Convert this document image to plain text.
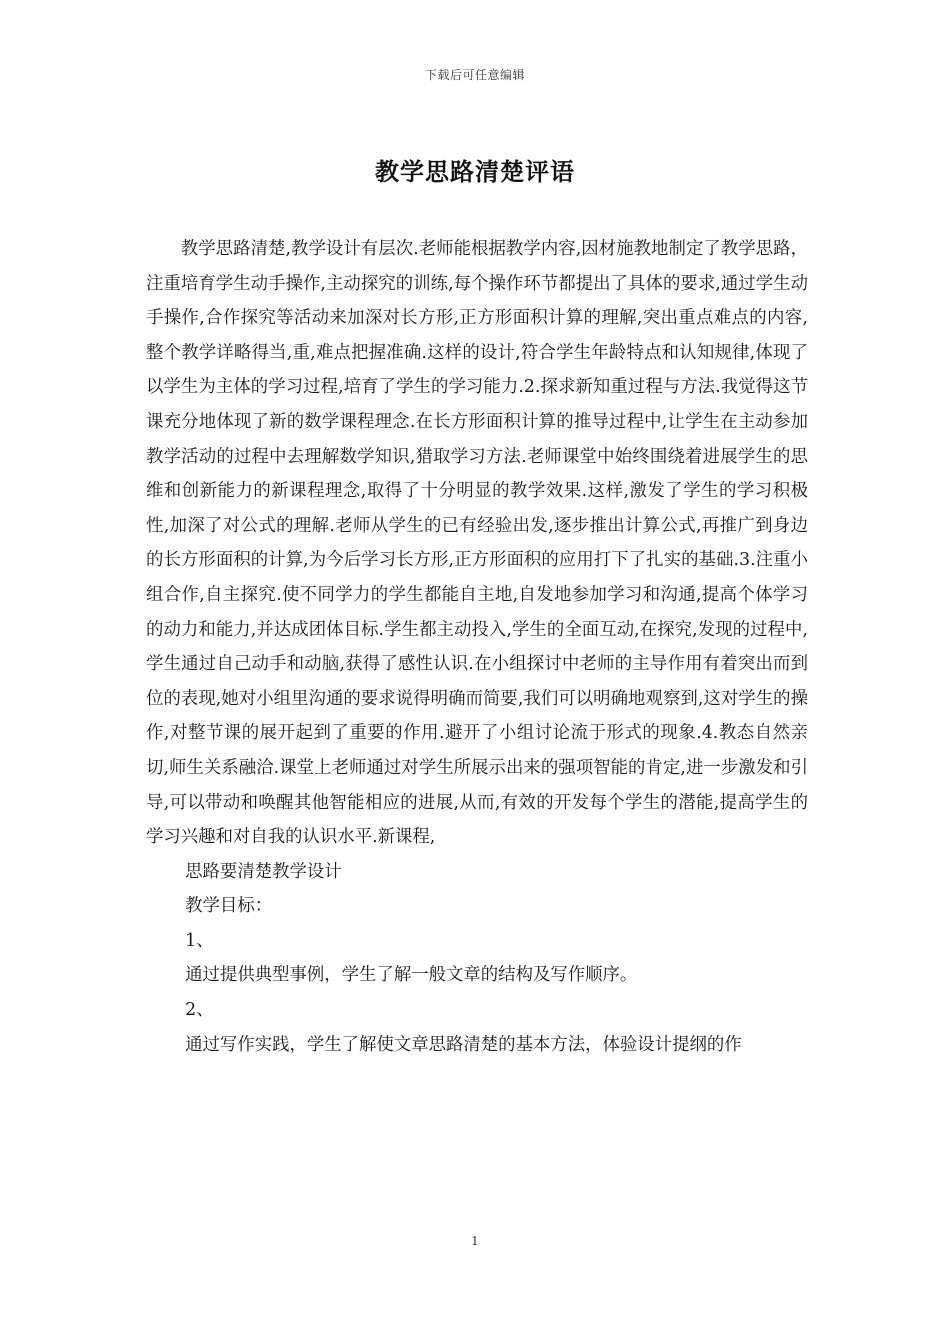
下载后可任意编辑
教学思路清楚评语

教学思路清楚,教学设计有层次.老师能根据教学内容,因材施教地制定了教学思路，注重培育学生动手操作,主动探究的训练,每个操作环节都提出了具体的要求,通过学生动手操作,合作探究等活动来加深对长方形,正方形面积计算的理解,突出重点难点的内容,整个教学详略得当,重,难点把握准确.这样的设计,符合学生年龄特点和认知规律,体现了以学生为主体的学习过程,培育了学生的学习能力.2.探求新知重过程与方法.我觉得这节课充分地体现了新的数学课程理念.在长方形面积计算的推导过程中,让学生在主动参加教学活动的过程中去理解数学知识,猎取学习方法.老师课堂中始终围绕着进展学生的思维和创新能力的新课程理念,取得了十分明显的教学效果.这样,激发了学生的学习积极性,加深了对公式的理解.老师从学生的已有经验出发,逐步推出计算公式,再推广到身边的长方形面积的计算,为今后学习长方形,正方形面积的应用打下了扎实的基础.3.注重小组合作,自主探究.使不同学力的学生都能自主地,自发地参加学习和沟通,提高个体学习的动力和能力,并达成团体目标.学生都主动投入,学生的全面互动,在探究,发现的过程中,学生通过自己动手和动脑,获得了感性认识.在小组探讨中老师的主导作用有着突出而到位的表现,她对小组里沟通的要求说得明确而简要,我们可以明确地观察到,这对学生的操作,对整节课的展开起到了重要的作用.避开了小组讨论流于形式的现象.4.教态自然亲切,师生关系融洽.课堂上老师通过对学生所展示出来的强项智能的肯定,进一步激发和引导,可以带动和唤醒其他智能相应的进展,从而,有效的开发每个学生的潜能,提高学生的学习兴趣和对自我的认识水平.新课程,

思路要清楚教学设计

教学目标：

1、

通过提供典型事例，学生了解一般文章的结构及写作顺序。

2、

通过写作实践，学生了解使文章思路清楚的基本方法，体验设计提纲的作

1
